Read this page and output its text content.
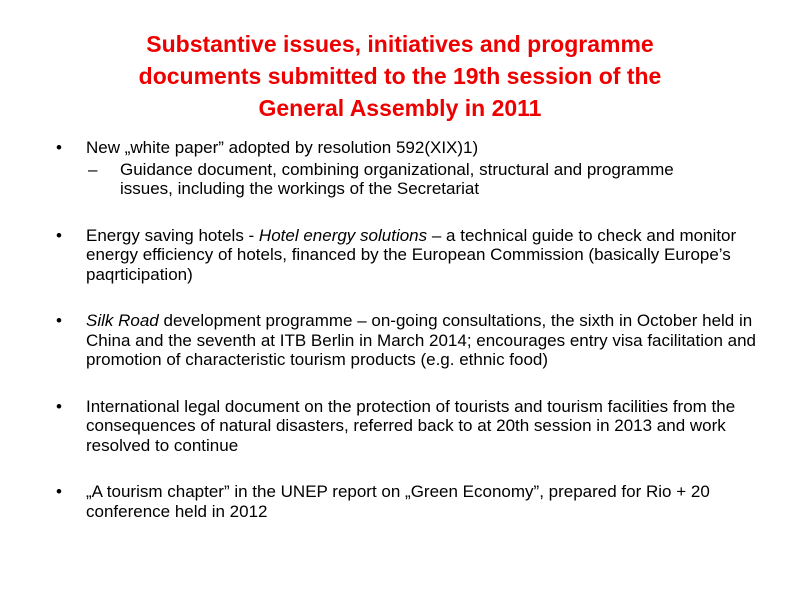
Substantive issues, initiatives and programme
documents submitted to the 19th session of the
General Assembly in 2011
• New „white paper” adopted by resolution 592(XIX)1)
– Guidance document, combining organizational, structural and programme issues, including the workings of the Secretariat
• Energy saving hotels - Hotel energy solutions – a technical guide to check and monitor energy efficiency of hotels, financed by the European Commission (basically Europe’s paqrticipation)
• Silk Road development programme – on-going consultations, the sixth in October held in China and the seventh at ITB Berlin in March 2014; encourages entry visa facilitation and promotion of characteristic tourism products (e.g. ethnic food)
• International legal document on the protection of tourists and tourism facilities from the consequences of natural disasters, referred back to at 20th session in 2013 and work resolved to continue
• „A tourism chapter” in the UNEP report on „Green Economy”, prepared for Rio + 20 conference held in 2012
